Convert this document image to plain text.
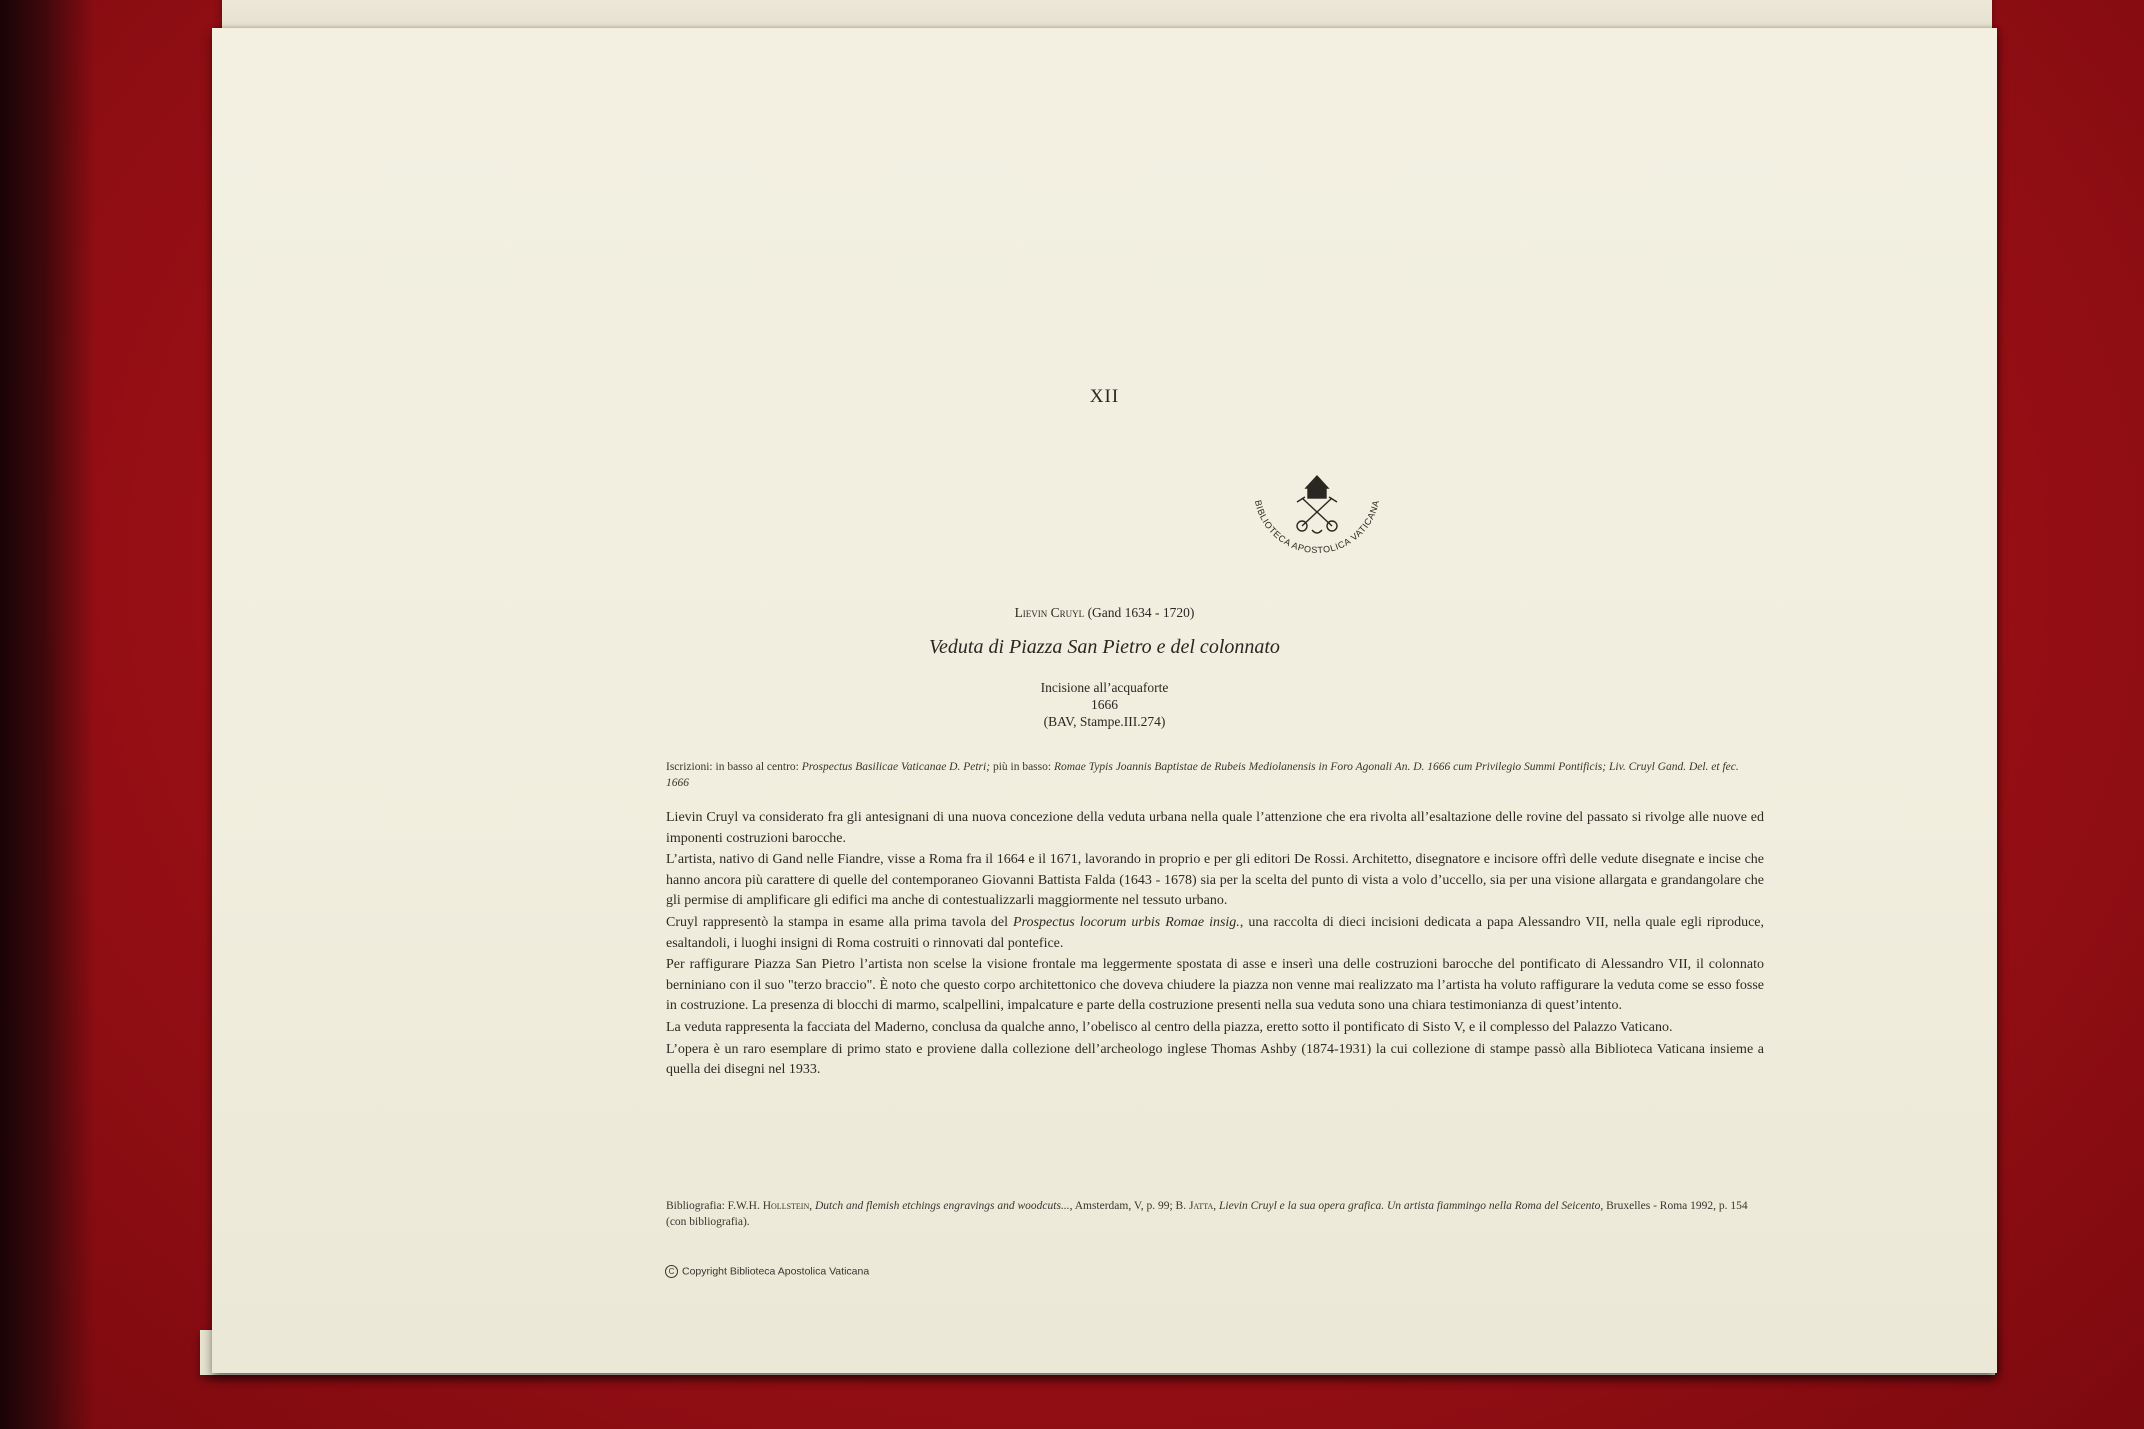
XII
BIBLIOTECA APOSTOLICA VATICANA
Lievin Cruyl (Gand 1634 - 1720)
Veduta di Piazza San Pietro e del colonnato
Incisione all’acquaforte
1666
(BAV, Stampe.III.274)
Iscrizioni: in basso al centro: Prospectus Basilicae Vaticanae D. Petri; più in basso: Romae Typis Joannis Baptistae de Rubeis Mediolanensis in Foro Agonali An. D. 1666 cum Privilegio Summi Pontificis; Liv. Cruyl Gand. Del. et fec. 1666

Lievin Cruyl va considerato fra gli antesignani di una nuova concezione della veduta urbana nella quale l’attenzione che era rivolta all’esaltazione delle rovine del passato si rivolge alle nuove ed imponenti costruzioni barocche.

L’artista, nativo di Gand nelle Fiandre, visse a Roma fra il 1664 e il 1671, lavorando in proprio e per gli editori De Rossi. Architetto, disegnatore e incisore offrì delle vedute disegnate e incise che hanno ancora più carattere di quelle del contemporaneo Giovanni Battista Falda (1643 - 1678) sia per la scelta del punto di vista a volo d’uccello, sia per una visione allargata e grandangolare che gli permise di amplificare gli edifici ma anche di contestualizzarli maggiormente nel tessuto urbano.

Cruyl rappresentò la stampa in esame alla prima tavola del Prospectus locorum urbis Romae insig., una raccolta di dieci incisioni dedicata a papa Alessandro VII, nella quale egli riproduce, esaltandoli, i luoghi insigni di Roma costruiti o rinnovati dal pontefice.

Per raffigurare Piazza San Pietro l’artista non scelse la visione frontale ma leggermente spostata di asse e inserì una delle costruzioni barocche del pontificato di Alessandro VII, il colonnato berniniano con il suo "terzo braccio". È noto che questo corpo architettonico che doveva chiudere la piazza non venne mai realizzato ma l’artista ha voluto raffigurare la veduta come se esso fosse in costruzione. La presenza di blocchi di marmo, scalpellini, impalcature e parte della costruzione presenti nella sua veduta sono una chiara testimonianza di quest’intento.

La veduta rappresenta la facciata del Maderno, conclusa da qualche anno, l’obelisco al centro della piazza, eretto sotto il pontificato di Sisto V, e il complesso del Palazzo Vaticano.

L’opera è un raro esemplare di primo stato e proviene dalla collezione dell’archeologo inglese Thomas Ashby (1874-1931) la cui collezione di stampe passò alla Biblioteca Vaticana insieme a quella dei disegni nel 1933.

Bibliografia: F.W.H. Hollstein, Dutch and flemish etchings engravings and woodcuts..., Amsterdam, V, p. 99; B. Jatta, Lievin Cruyl e la sua opera grafica. Un artista fiammingo nella Roma del Seicento, Bruxelles - Roma 1992, p. 154 (con bibliografia).
C Copyright Biblioteca Apostolica Vaticana
